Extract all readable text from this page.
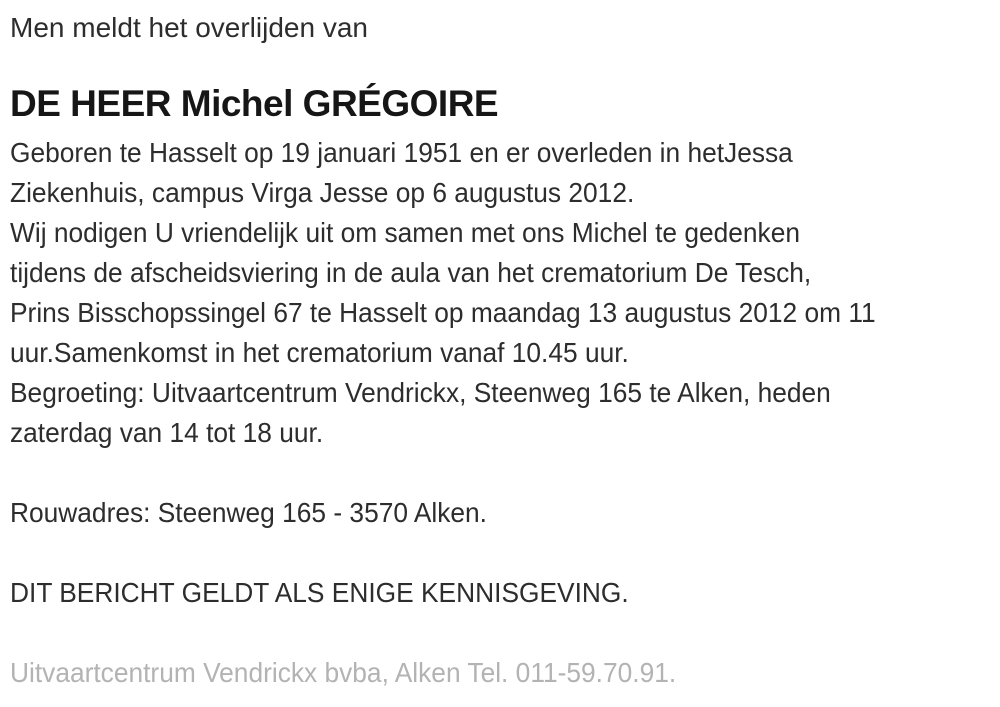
Men meldt het overlijden van
DE HEER Michel GRÉGOIRE
Geboren te Hasselt op 19 januari 1951 en er overleden in hetJessa
Ziekenhuis, campus Virga Jesse op 6 augustus 2012.
Wij nodigen U vriendelijk uit om samen met ons Michel te gedenken
tijdens de afscheidsviering in de aula van het crematorium De Tesch,
Prins Bisschopssingel 67 te Hasselt op maandag 13 augustus 2012 om 11
uur.Samenkomst in het crematorium vanaf 10.45 uur.
Begroeting: Uitvaartcentrum Vendrickx, Steenweg 165 te Alken, heden
zaterdag van 14 tot 18 uur.
Rouwadres: Steenweg 165 - 3570 Alken.
DIT BERICHT GELDT ALS ENIGE KENNISGEVING.
Uitvaartcentrum Vendrickx bvba, Alken Tel. 011-59.70.91.
